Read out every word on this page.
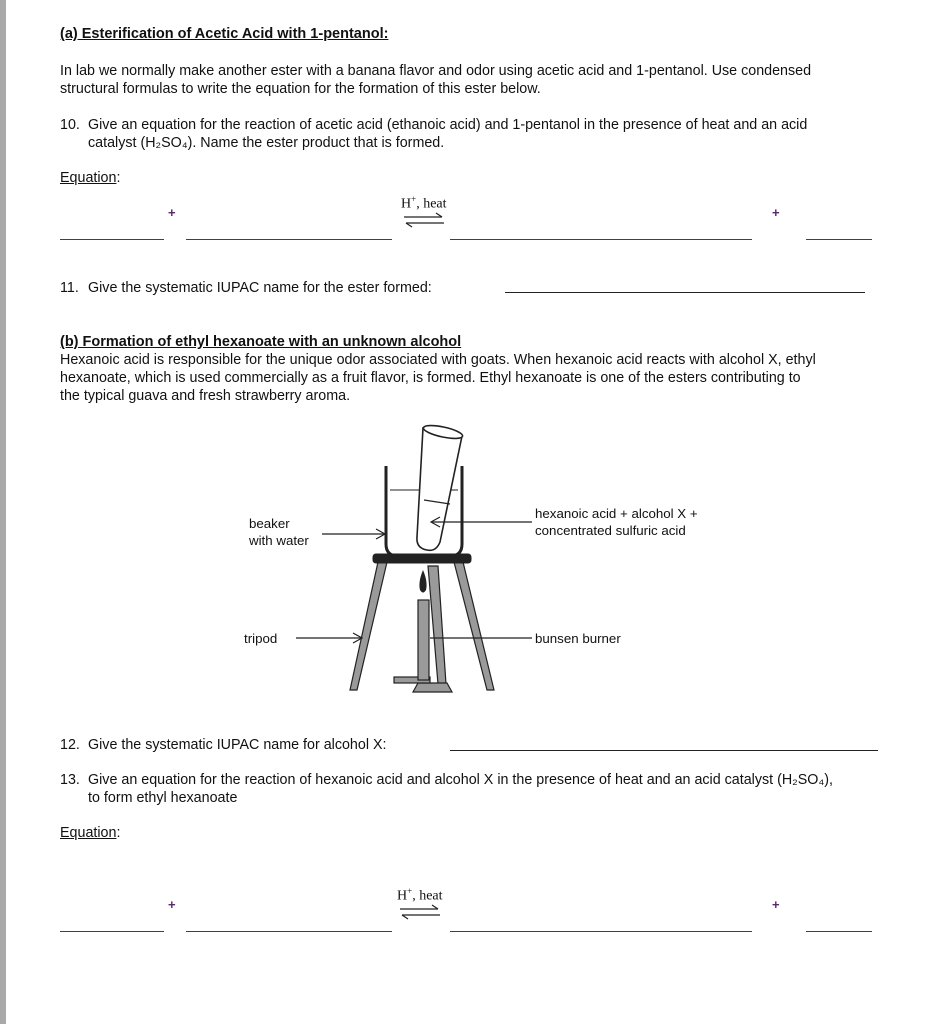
(a) Esterification of Acetic Acid with 1-pentanol:
In lab we normally make another ester with a banana flavor and odor using acetic acid and 1-pentanol. Use condensed
structural formulas to write the equation for the formation of this ester below.
10. Give an equation for the reaction of acetic acid (ethanoic acid) and 1-pentanol in the presence of heat and an acid
catalyst (H₂SO₄). Name the ester product that is formed.
Equation:
+	+
H+, heat
11. Give the systematic IUPAC name for the ester formed:
(b) Formation of ethyl hexanoate with an unknown alcohol
Hexanoic acid is responsible for the unique odor associated with goats. When hexanoic acid reacts with alcohol X, ethyl
hexanoate, which is used commercially as a fruit flavor, is formed. Ethyl hexanoate is one of the esters contributing to
the typical guava and fresh strawberry aroma.
beaker
with water
hexanoic acid + alcohol X +
concentrated sulfuric acid
tripod	bunsen burner
12. Give the systematic IUPAC name for alcohol X:
13. Give an equation for the reaction of hexanoic acid and alcohol X in the presence of heat and an acid catalyst (H₂SO₄),
to form ethyl hexanoate
Equation:
+	+
H+, heat
